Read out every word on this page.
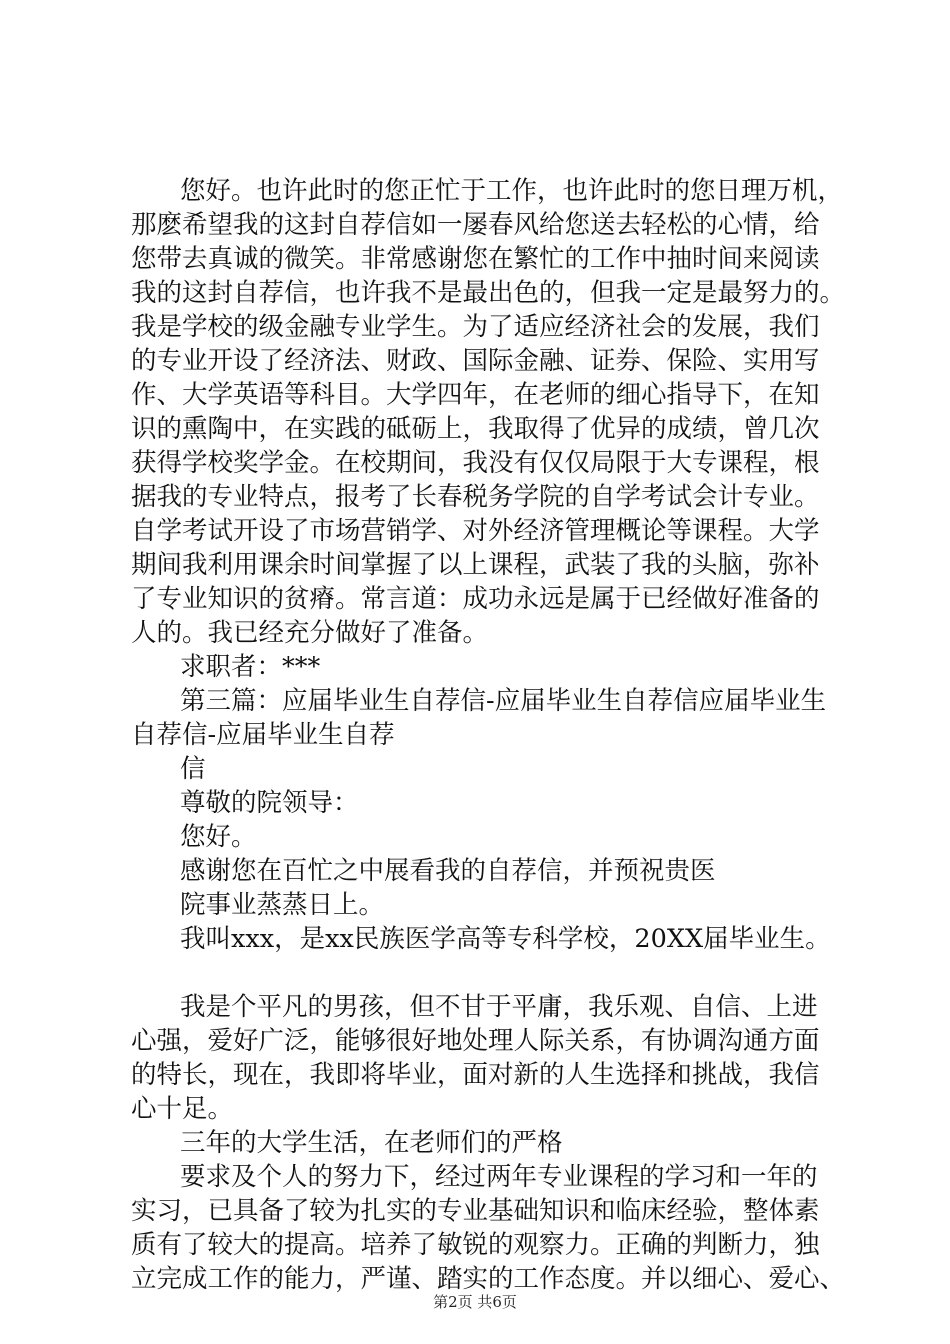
您好。也许此时的您正忙于工作，也许此时的您日理万机，
那麽希望我的这封自荐信如一屡春风给您送去轻松的心情，给
您带去真诚的微笑。非常感谢您在繁忙的工作中抽时间来阅读
我的这封自荐信，也许我不是最出色的，但我一定是最努力的。
我是学校的级金融专业学生。为了适应经济社会的发展，我们
的专业开设了经济法、财政、国际金融、证券、保险、实用写
作、大学英语等科目。大学四年，在老师的细心指导下，在知
识的熏陶中，在实践的砥砺上，我取得了优异的成绩，曾几次
获得学校奖学金。在校期间，我没有仅仅局限于大专课程，根
据我的专业特点，报考了长春税务学院的自学考试会计专业。
自学考试开设了市场营销学、对外经济管理概论等课程。大学
期间我利用课余时间掌握了以上课程，武装了我的头脑，弥补
了专业知识的贫瘠。常言道：成功永远是属于已经做好准备的
人的。我已经充分做好了准备。
求职者：***
第三篇：应届毕业生自荐信-应届毕业生自荐信应届毕业生
自荐信-应届毕业生自荐
信
尊敬的院领导：
您好。
感谢您在百忙之中展看我的自荐信，并预祝贵医
院事业蒸蒸日上。
我叫xxx，是xx民族医学高等专科学校，20XX届毕业生。
我是个平凡的男孩，但不甘于平庸，我乐观、自信、上进
心强，爱好广泛，能够很好地处理人际关系，有协调沟通方面
的特长，现在，我即将毕业，面对新的人生选择和挑战，我信
心十足。
三年的大学生活，在老师们的严格
要求及个人的努力下，经过两年专业课程的学习和一年的
实习，已具备了较为扎实的专业基础知识和临床经验，整体素
质有了较大的提高。培养了敏锐的观察力。正确的判断力，独
立完成工作的能力，严谨、踏实的工作态度。并以细心、爱心、
第2页 共6页
